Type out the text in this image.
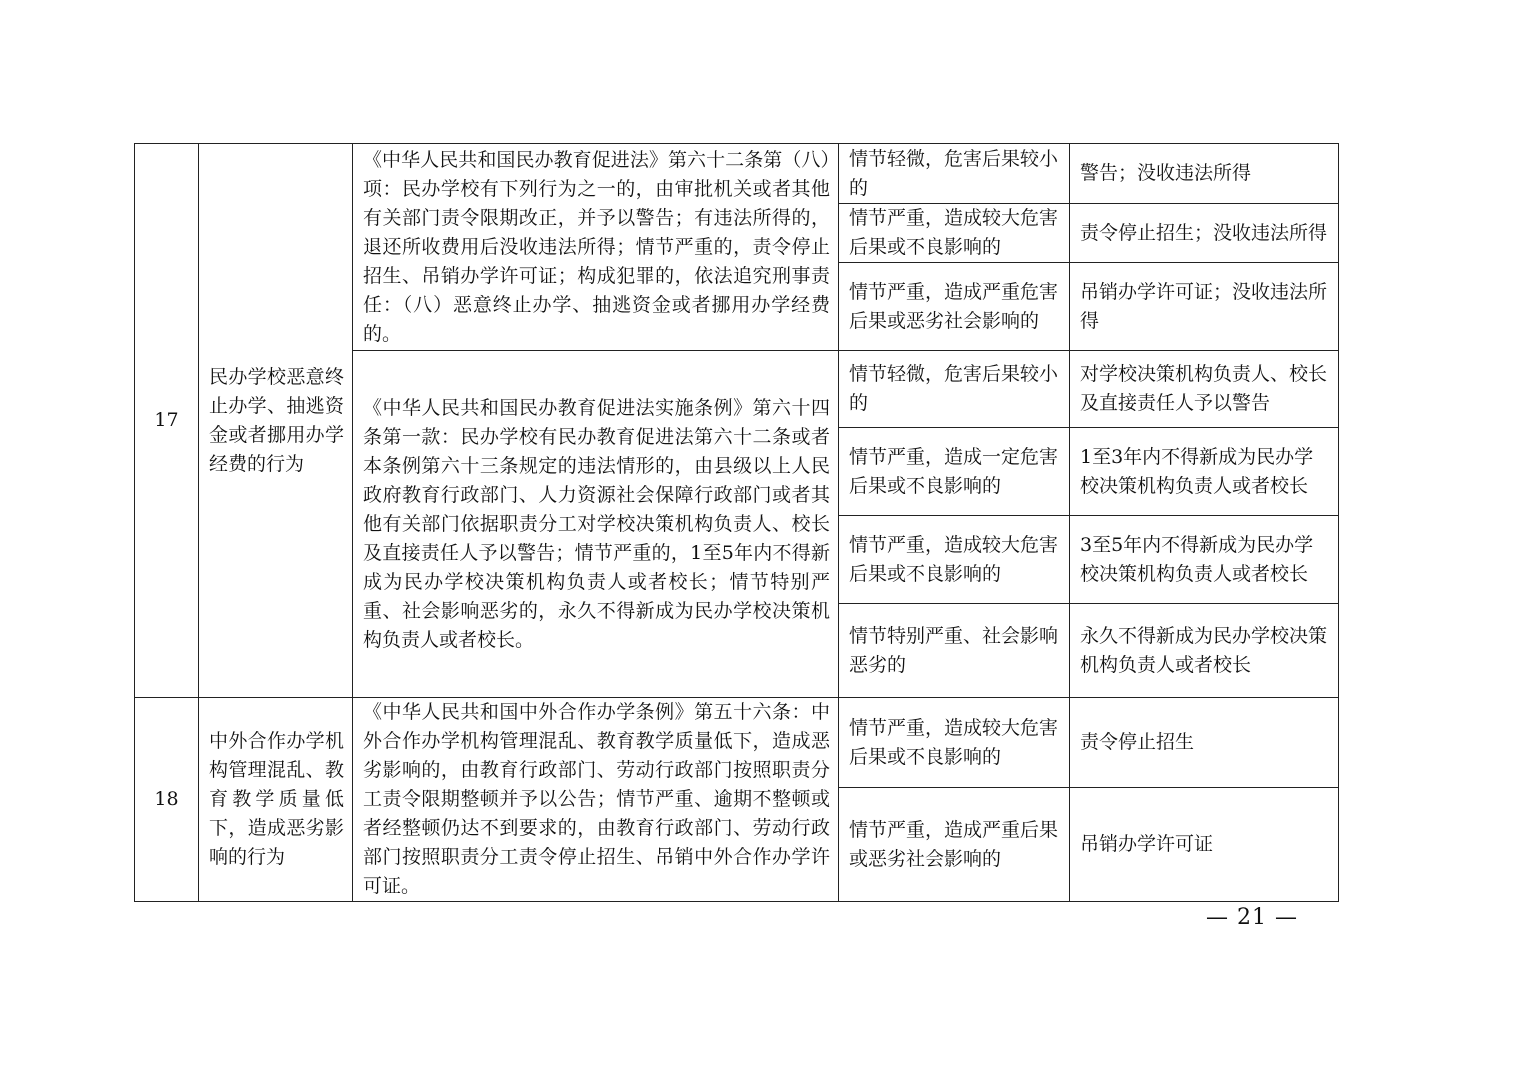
17	民办学校恶意终止办学、抽逃资金或者挪用办学经费的行为	《中华人民共和国民办教育促进法》第六十二条第（八）项：民办学校有下列行为之一的，由审批机关或者其他有关部门责令限期改正，并予以警告；有违法所得的，退还所收费用后没收违法所得；情节严重的，责令停止招生、吊销办学许可证；构成犯罪的，依法追究刑事责任：（八）恶意终止办学、抽逃资金或者挪用办学经费的。	情节轻微，危害后果较小的	警告；没收违法所得
			情节严重，造成较大危害后果或不良影响的	责令停止招生；没收违法所得
			情节严重，造成严重危害后果或恶劣社会影响的	吊销办学许可证；没收违法所得
		《中华人民共和国民办教育促进法实施条例》第六十四条第一款：民办学校有民办教育促进法第六十二条或者本条例第六十三条规定的违法情形的，由县级以上人民政府教育行政部门、人力资源社会保障行政部门或者其他有关部门依据职责分工对学校决策机构负责人、校长及直接责任人予以警告；情节严重的，1至5年内不得新成为民办学校决策机构负责人或者校长；情节特别严重、社会影响恶劣的，永久不得新成为民办学校决策机构负责人或者校长。	情节轻微，危害后果较小的	对学校决策机构负责人、校长及直接责任人予以警告
			情节严重，造成一定危害后果或不良影响的	1至3年内不得新成为民办学校决策机构负责人或者校长
			情节严重，造成较大危害后果或不良影响的	3至5年内不得新成为民办学校决策机构负责人或者校长
			情节特别严重、社会影响恶劣的	永久不得新成为民办学校决策机构负责人或者校长
18	中外合作办学机构管理混乱、教育教学质量低下，造成恶劣影响的行为	《中华人民共和国中外合作办学条例》第五十六条：中外合作办学机构管理混乱、教育教学质量低下，造成恶劣影响的，由教育行政部门、劳动行政部门按照职责分工责令限期整顿并予以公告；情节严重、逾期不整顿或者经整顿仍达不到要求的，由教育行政部门、劳动行政部门按照职责分工责令停止招生、吊销中外合作办学许可证。	情节严重，造成较大危害后果或不良影响的	责令停止招生
			情节严重，造成严重后果或恶劣社会影响的	吊销办学许可证
— 21 —
